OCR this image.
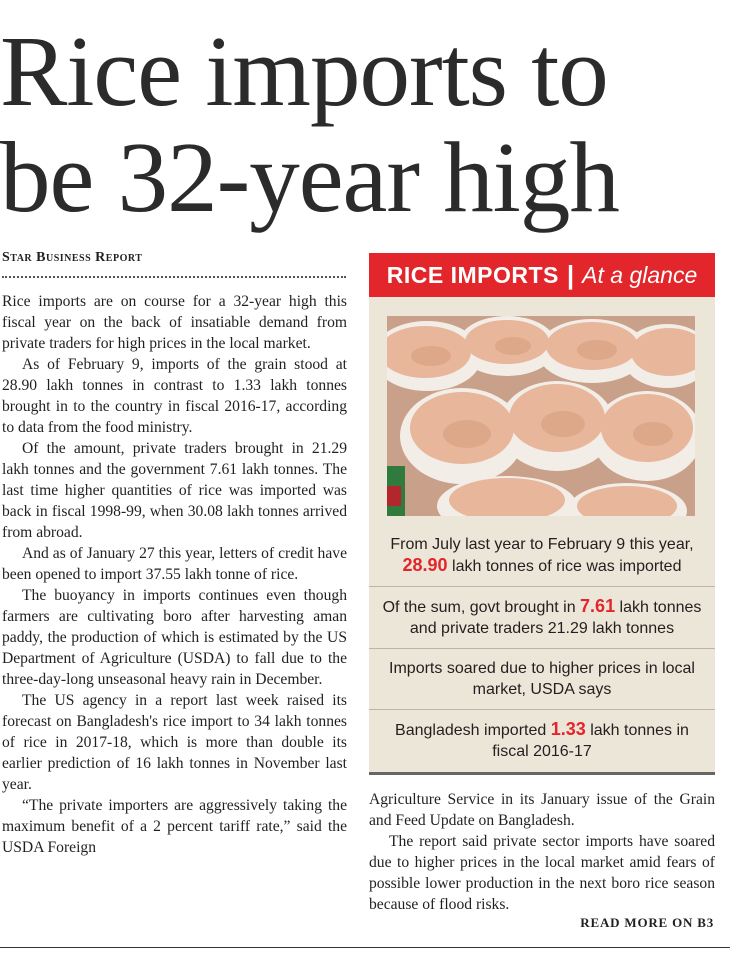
Rice imports to
be 32-year high
Star Business Report

Rice imports are on course for a 32-year high this fiscal year on the back of insatiable demand from private traders for high prices in the local market.

As of February 9, imports of the grain stood at 28.90 lakh tonnes in contrast to 1.33 lakh tonnes brought in to the country in fiscal 2016-17, according to data from the food ministry.

Of the amount, private traders brought in 21.29 lakh tonnes and the government 7.61 lakh tonnes. The last time higher quantities of rice was imported was back in fiscal 1998-99, when 30.08 lakh tonnes arrived from abroad.

And as of January 27 this year, letters of credit have been opened to import 37.55 lakh tonne of rice.

The buoyancy in imports continues even though farmers are cultivating boro after harvesting aman paddy, the production of which is estimated by the US Department of Agriculture (USDA) to fall due to the three-day-long unseasonal heavy rain in December.

The US agency in a report last week raised its forecast on Bangladesh's rice import to 34 lakh tonnes of rice in 2017-18, which is more than double its earlier prediction of 16 lakh tonnes in November last year.

“The private importers are aggressively taking the maximum benefit of a 2 percent tariff rate,” said the USDA Foreign

RICE IMPORTS | At a glance
From July last year to February 9 this year,
28.90 lakh tonnes of rice was imported
Of the sum, govt brought in 7.61 lakh tonnes and private traders 21.29 lakh tonnes
Imports soared due to higher prices in local market, USDA says
Bangladesh imported 1.33 lakh tonnes in fiscal 2016-17

Agriculture Service in its January issue of the Grain and Feed Update on Bangladesh.

The report said private sector imports have soared due to higher prices in the local market amid fears of possible lower production in the next boro rice season because of flood risks.

READ MORE ON B3
